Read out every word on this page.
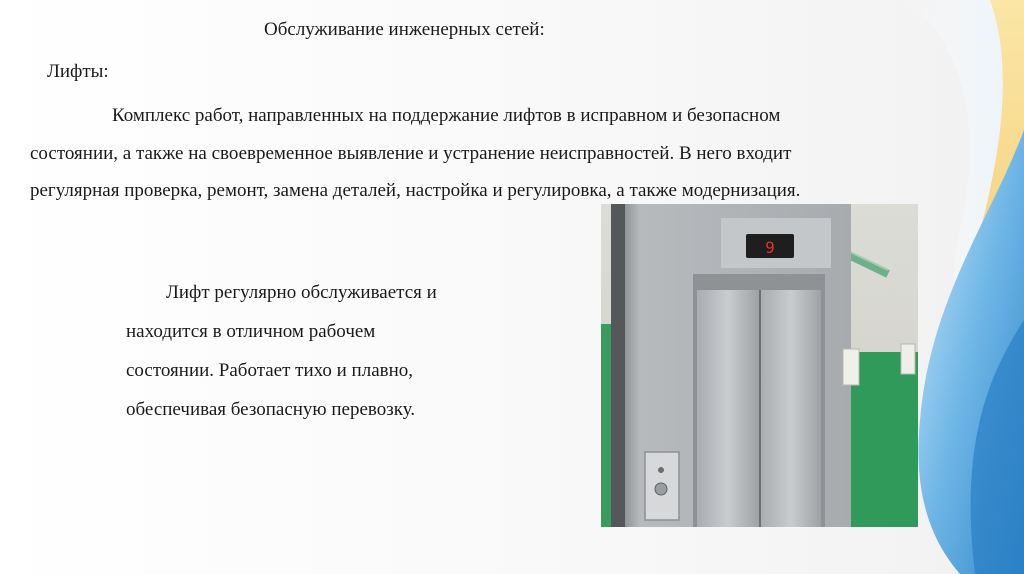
Обслуживание инженерных сетей:

Лифты:

Комплекс работ, направленных на поддержание лифтов в исправном и безопасном
состоянии, а также на своевременное выявление и устранение неисправностей. В него входит
регулярная проверка, ремонт, замена деталей, настройка и регулировка, а также модернизация.

Лифт регулярно обслуживается и
находится в отличном рабочем
состоянии. Работает тихо и плавно,
обеспечивая безопасную перевозку.

9
